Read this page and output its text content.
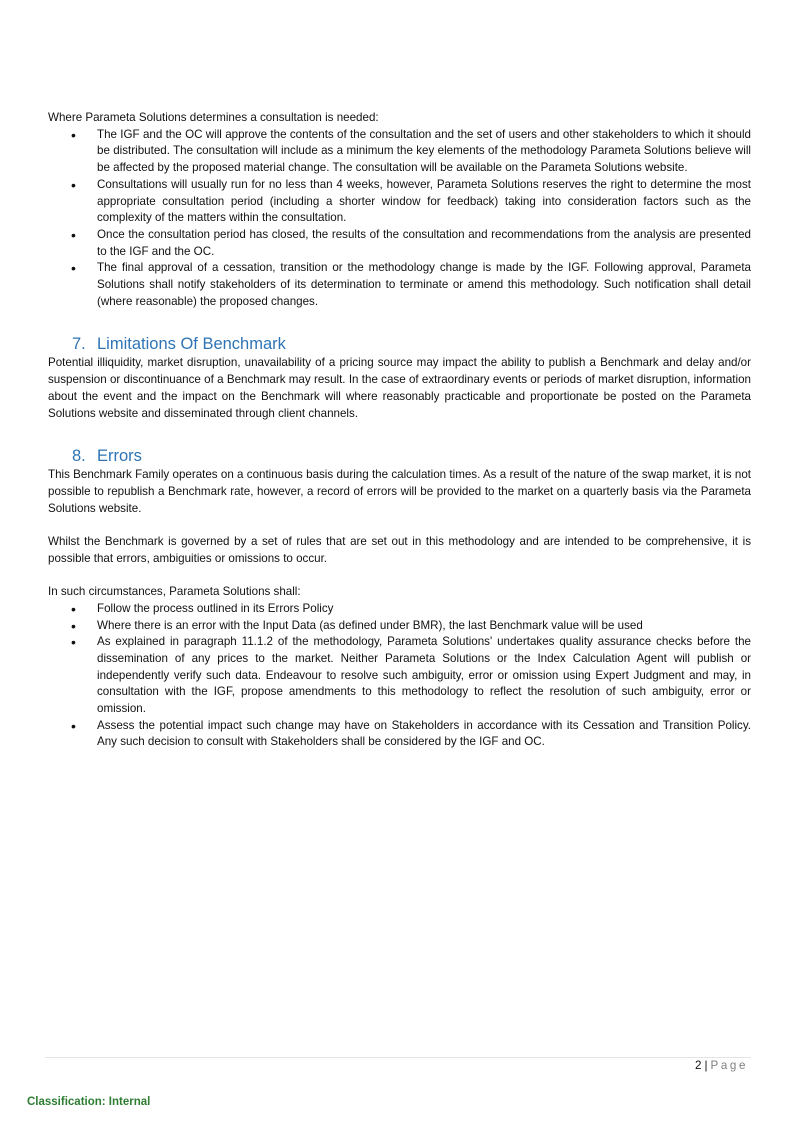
Where Parameta Solutions determines a consultation is needed:

• The IGF and the OC will approve the contents of the consultation and the set of users and other stakeholders to which it should be distributed. The consultation will include as a minimum the key elements of the methodology Parameta Solutions believe will be affected by the proposed material change. The consultation will be available on the Parameta Solutions website.
• Consultations will usually run for no less than 4 weeks, however, Parameta Solutions reserves the right to determine the most appropriate consultation period (including a shorter window for feedback) taking into consideration factors such as the complexity of the matters within the consultation.
• Once the consultation period has closed, the results of the consultation and recommendations from the analysis are presented to the IGF and the OC.
• The final approval of a cessation, transition or the methodology change is made by the IGF. Following approval, Parameta Solutions shall notify stakeholders of its determination to terminate or amend this methodology. Such notification shall detail (where reasonable) the proposed changes.
7. Limitations Of Benchmark

Potential illiquidity, market disruption, unavailability of a pricing source may impact the ability to publish a Benchmark and delay and/or suspension or discontinuance of a Benchmark may result. In the case of extraordinary events or periods of market disruption, information about the event and the impact on the Benchmark will where reasonably practicable and proportionate be posted on the Parameta Solutions website and disseminated through client channels.

8. Errors

This Benchmark Family operates on a continuous basis during the calculation times. As a result of the nature of the swap market, it is not possible to republish a Benchmark rate, however, a record of errors will be provided to the market on a quarterly basis via the Parameta Solutions website.

Whilst the Benchmark is governed by a set of rules that are set out in this methodology and are intended to be comprehensive, it is possible that errors, ambiguities or omissions to occur.

In such circumstances, Parameta Solutions shall:

• Follow the process outlined in its Errors Policy
• Where there is an error with the Input Data (as defined under BMR), the last Benchmark value will be used
• As explained in paragraph 11.1.2 of the methodology, Parameta Solutions' undertakes quality assurance checks before the dissemination of any prices to the market. Neither Parameta Solutions or the Index Calculation Agent will publish or independently verify such data. Endeavour to resolve such ambiguity, error or omission using Expert Judgment and may, in consultation with the IGF, propose amendments to this methodology to reflect the resolution of such ambiguity, error or omission.
• Assess the potential impact such change may have on Stakeholders in accordance with its Cessation and Transition Policy. Any such decision to consult with Stakeholders shall be considered by the IGF and OC.
2 | Page
Classification: Internal
